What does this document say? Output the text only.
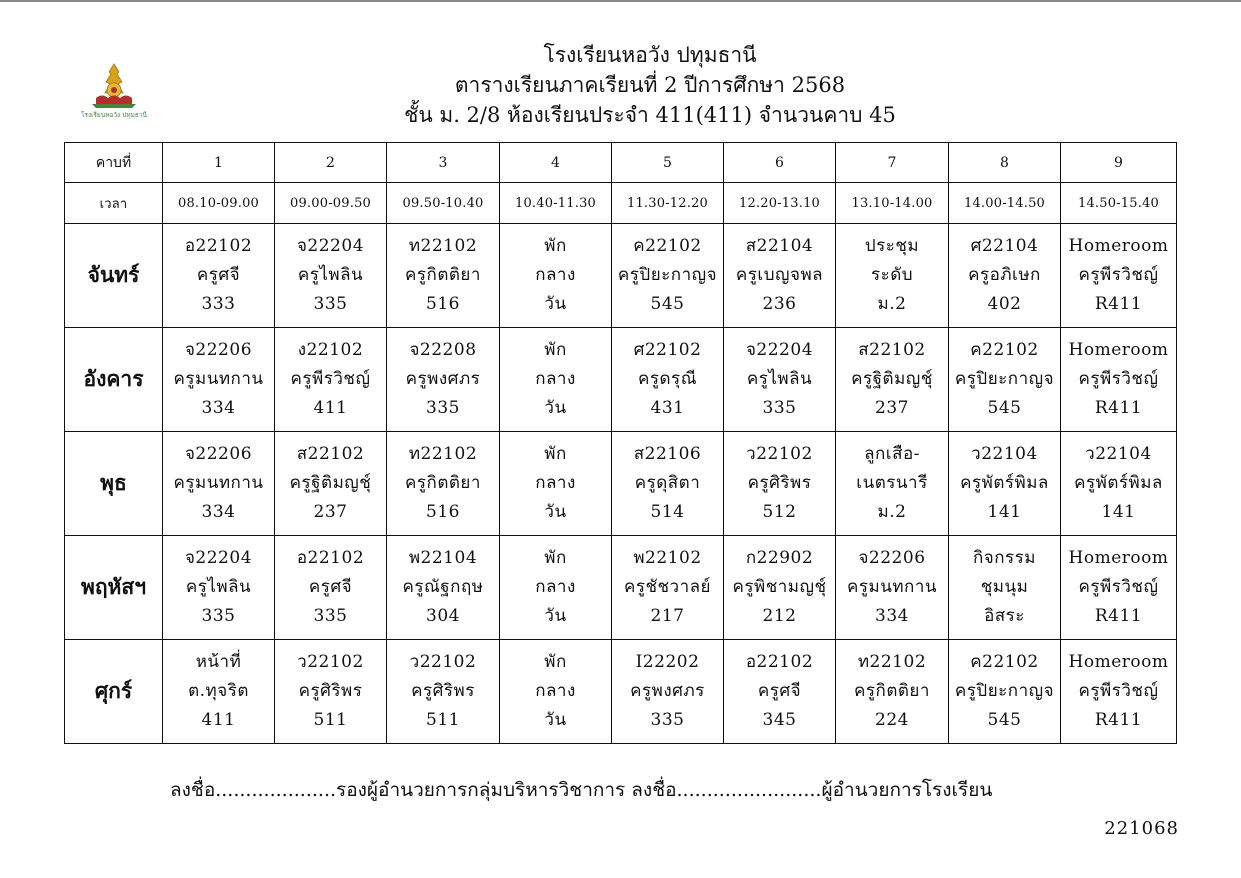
โรงเรียนหอวัง ปทุมธานี
โรงเรียนหอวัง ปทุมธานี
ตารางเรียนภาคเรียนที่ 2 ปีการศึกษา 2568
ชั้น ม. 2/8 ห้องเรียนประจำ 411(411) จำนวนคาบ 45
คาบที่	1	2	3	4	5	6	7	8	9
เวลา	08.10-09.00	09.00-09.50	09.50-10.40	10.40-11.30	11.30-12.20	12.20-13.10	13.10-14.00	14.00-14.50	14.50-15.40
จันทร์	อ22102
ครูศจี
333	จ22204
ครูไพลิน
335	ท22102
ครูกิตติยา
516	พัก
กลาง
วัน	ค22102
ครูปิยะกาญจ
545	ส22104
ครูเบญจพล
236	ประชุม
ระดับ
ม.2	ศ22104
ครูอภิเษก
402	Homeroom
ครูพีรวิชญ์
R411

อังคาร	จ22206
ครูมนทกาน
334	ง22102
ครูพีรวิชญ์
411	จ22208
ครูพงศภร
335	พัก
กลาง
วัน	ศ22102
ครูดรุณี
431	จ22204
ครูไพลิน
335	ส22102
ครูฐิติมญชุ์
237	ค22102
ครูปิยะกาญจ
545	Homeroom
ครูพีรวิชญ์
R411

พุธ	จ22206
ครูมนทกาน
334	ส22102
ครูฐิติมญชุ์
237	ท22102
ครูกิตติยา
516	พัก
กลาง
วัน	ส22106
ครูดุสิตา
514	ว22102
ครูศิริพร
512	ลูกเสือ-
เนตรนารี
ม.2	ว22104
ครูพัตร์พิมล
141	ว22104
ครูพัตร์พิมล
141

พฤหัสฯ	จ22204
ครูไพลิน
335	อ22102
ครูศจี
335	พ22104
ครูณัฐกฤษ
304	พัก
กลาง
วัน	พ22102
ครูชัชวาลย์
217	ก22902
ครูพิชามญชุ์
212	จ22206
ครูมนทกาน
334	กิจกรรม
ชุมนุม
อิสระ	Homeroom
ครูพีรวิชญ์
R411

ศุกร์	หน้าที่
ต.ทุจริต
411	ว22102
ครูศิริพร
511	ว22102
ครูศิริพร
511	พัก
กลาง
วัน	I22202
ครูพงศภร
335	อ22102
ครูศจี
345	ท22102
ครูกิตติยา
224	ค22102
ครูปิยะกาญจ
545	Homeroom
ครูพีรวิชญ์
R411
ลงชื่อ....................รองผู้อำนวยการกลุ่มบริหารวิชาการ ลงชื่อ........................ผู้อำนวยการโรงเรียน
221068
